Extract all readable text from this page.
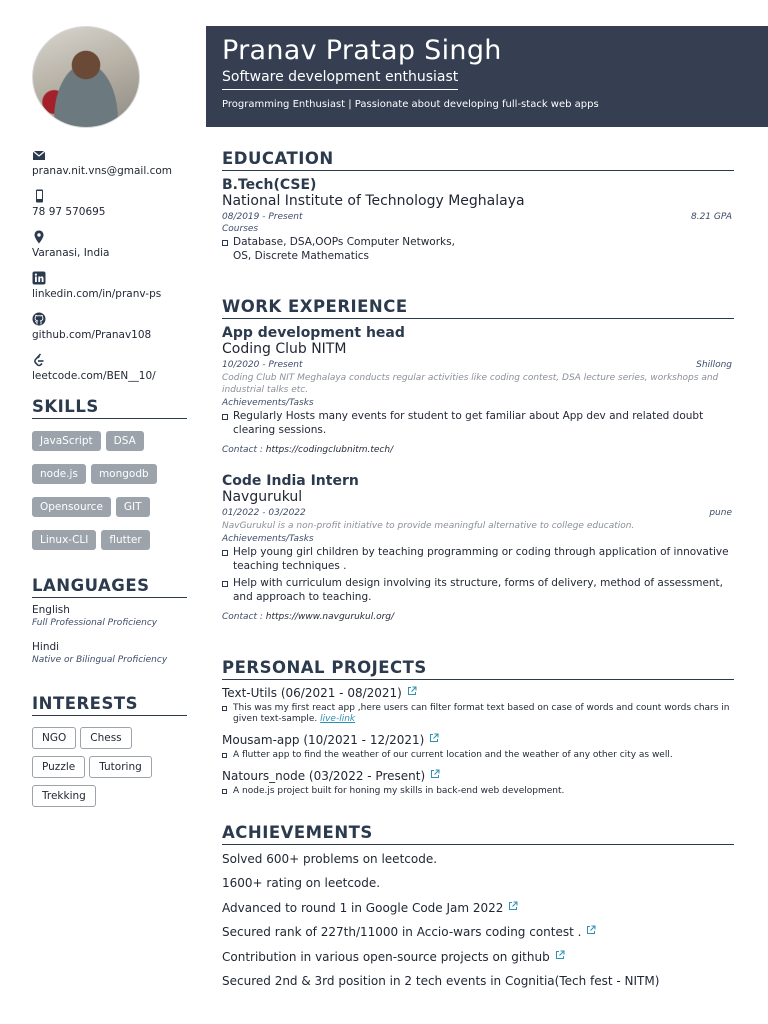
pranav.nit.vns@gmail.com
78 97 570695
Varanasi, India
linkedin.com/in/pranv-ps
github.com/Pranav108
leetcode.com/BEN__10/
SKILLS
JavaScript DSA
node.js mongodb
Opensource GIT
Linux-CLI flutter
LANGUAGES
English
Full Professional Proficiency
Hindi
Native or Bilingual Proficiency
INTERESTS
NGO Chess
Puzzle Tutoring
Trekking
Pranav Pratap Singh
Software development enthusiast
Programming Enthusiast | Passionate about developing full-stack web apps
EDUCATION
B.Tech(CSE)
National Institute of Technology Meghalaya
08/2019 - Present	8.21 GPA
Courses
Database, DSA,OOPs Computer Networks, OS, Discrete Mathematics
WORK EXPERIENCE
App development head
Coding Club NITM
10/2020 - Present	Shillong
Coding Club NIT Meghalaya conducts regular activities like coding contest, DSA lecture series, workshops and industrial talks etc.
Achievements/Tasks
Regularly Hosts many events for student to get familiar about App dev and related doubt clearing sessions.
Contact : https://codingclubnitm.tech/
Code India Intern
Navgurukul
01/2022 - 03/2022	pune
NavGurukul is a non-profit initiative to provide meaningful alternative to college education.
Achievements/Tasks
Help young girl children by teaching programming or coding through application of innovative teaching techniques .
Help with curriculum design involving its structure, forms of delivery, method of assessment, and approach to teaching.
Contact : https://www.navgurukul.org/
PERSONAL PROJECTS
Text-Utils (06/2021 - 08/2021)
This was my first react app ,here users can filter format text based on case of words and count words chars in given text-sample. live-link
Mousam-app (10/2021 - 12/2021)
A flutter app to find the weather of our current location and the weather of any other city as well.
Natours_node (03/2022 - Present)
A node.js project built for honing my skills in back-end web development.
ACHIEVEMENTS
Solved 600+ problems on leetcode.
1600+ rating on leetcode.
Advanced to round 1 in Google Code Jam 2022
Secured rank of 227th/11000 in Accio-wars coding contest .
Contribution in various open-source projects on github
Secured 2nd & 3rd position in 2 tech events in Cognitia(Tech fest - NITM)
